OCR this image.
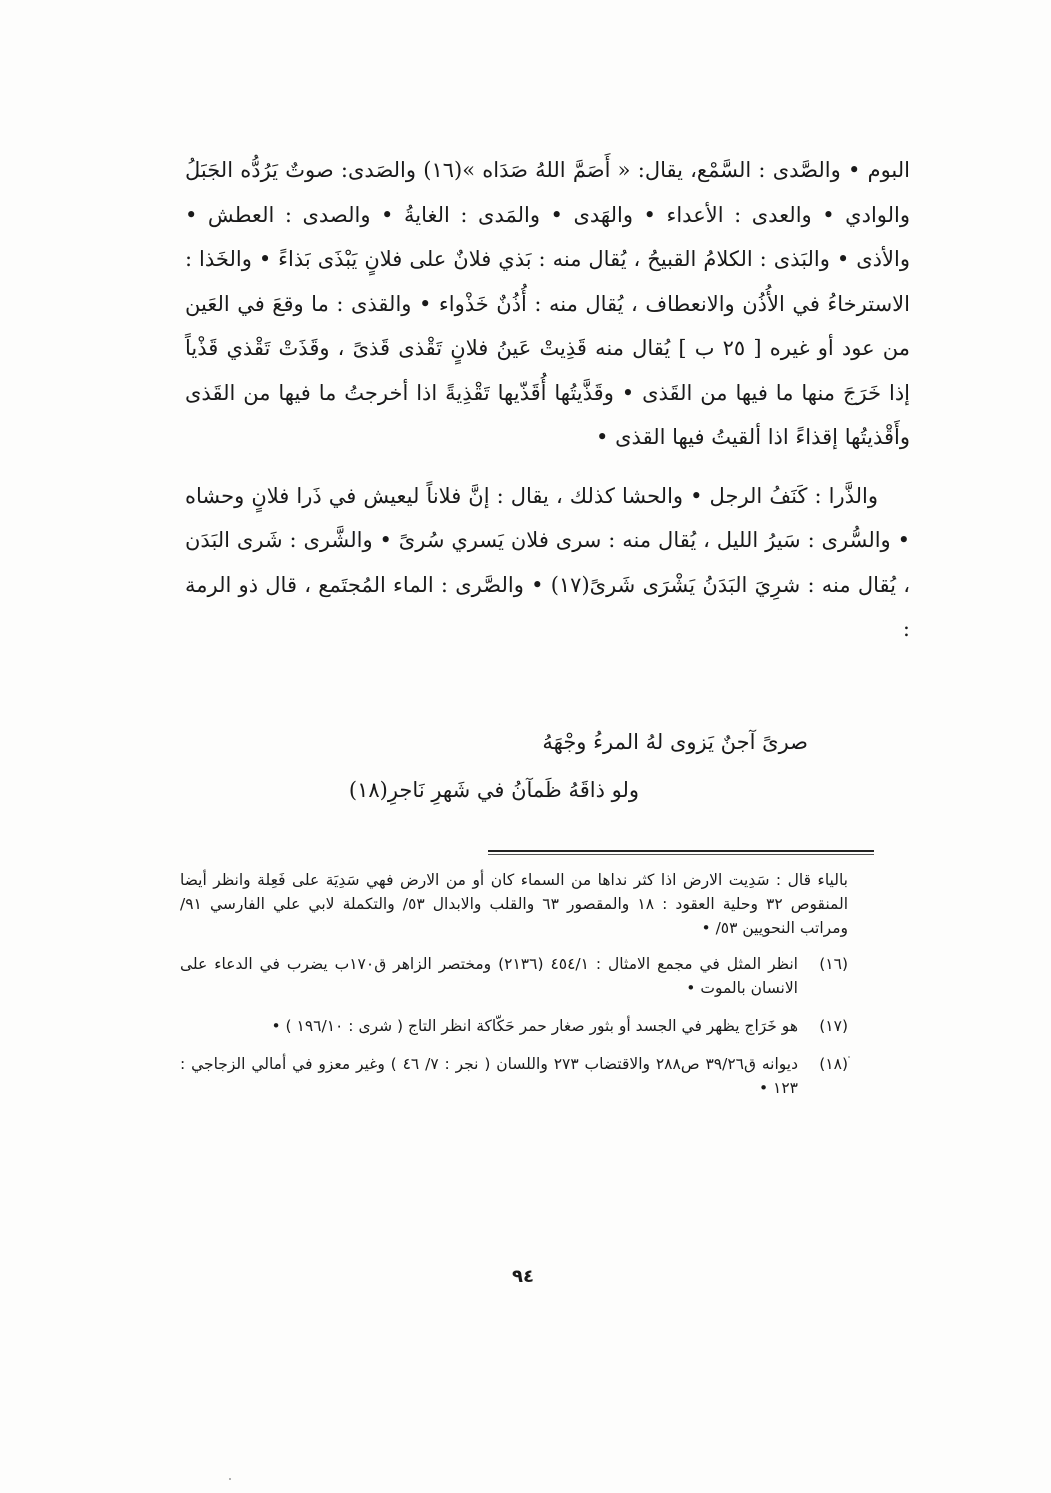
البوم • والصَّدى : السَّمْع، يقال: « أَصَمَّ اللهُ صَدَاه »(١٦) والصَدى: صوتٌ يَرُدُّه الجَبَلُ والوادي • والعدى : الأعداء • والهَدى • والمَدى : الغايةُ • والصدى : العطش • والأذى • والبَذى : الكلامُ القبيحُ ، يُقال منه : بَذي فلانٌ على فلانٍ يَبْذَى بَذاءً • والخَذا : الاسترخاءُ في الأُذُن والانعطاف ، يُقال منه : أُذُنٌ خَذْواء • والقذى : ما وقعَ في العَين من عود أو غيره [ ٢٥ ب ] يُقال منه قَذِيتْ عَينُ فلانٍ تَقْذى قَذىً ، وقَذَتْ تَقْذي قَذْياً إذا خَرَجَ منها ما فيها من القَذى • وقَذَّيتُها أُقَذّيها تَقْذِيةً اذا أخرجتُ ما فيها من القَذى وأَقْذيتُها إقذاءً اذا ألقيتُ فيها القذى •

والذَّرا : كَنَفُ الرجل • والحشا كذلك ، يقال : إنَّ فلاناً ليعيش في ذَرا فلانٍ وحشاه • والسُّرى : سَيرُ الليل ، يُقال منه : سرى فلان يَسري سُرىً • والشَّرى : شَرى البَدَن ، يُقال منه : شرِيَ البَدَنُ يَشْرَى شَرىً(١٧) • والصَّرى : الماء المُجتَمع ، قال ذو الرمة :

صرىً آجنٌ يَزوى لهُ المرءُ وجْهَهُ
ولو ذاقَهُ ظَمآنُ في شَهرِ نَاجرِ(١٨)

بالياء قال : سَدِيت الارض اذا كثر نداها من السماء كان أو من الارض فهي سَدِيَة على فَعِلة وانظر أيضا المنقوص ٣٢ وحلية العقود : ١٨ والمقصور ٦٣ والقلب والابدال ٥٣/ والتكملة لابي علي الفارسي ٩١/ ومراتب النحويين ٥٣/ •

(١٦)
انظر المثل في مجمع الامثال : ٤٥٤/١ (٢١٣٦) ومختصر الزاهر ق١٧٠ب يضرب في الدعاء على الانسان بالموت •
(١٧)
هو خَرَاج يظهر في الجسد أو بثور صغار حمر حَكّاكة انظر التاج ( شرى : ١٩٦/١٠ ) •
(١٨)
ديوانه ق٣٩/٢٦ ص٢٨٨ والاقتضاب ٢٧٣ واللسان ( نجر : ٧/ ٤٦ ) وغير معزو في أمالي الزجاجي : ١٢٣ •
٩٤
